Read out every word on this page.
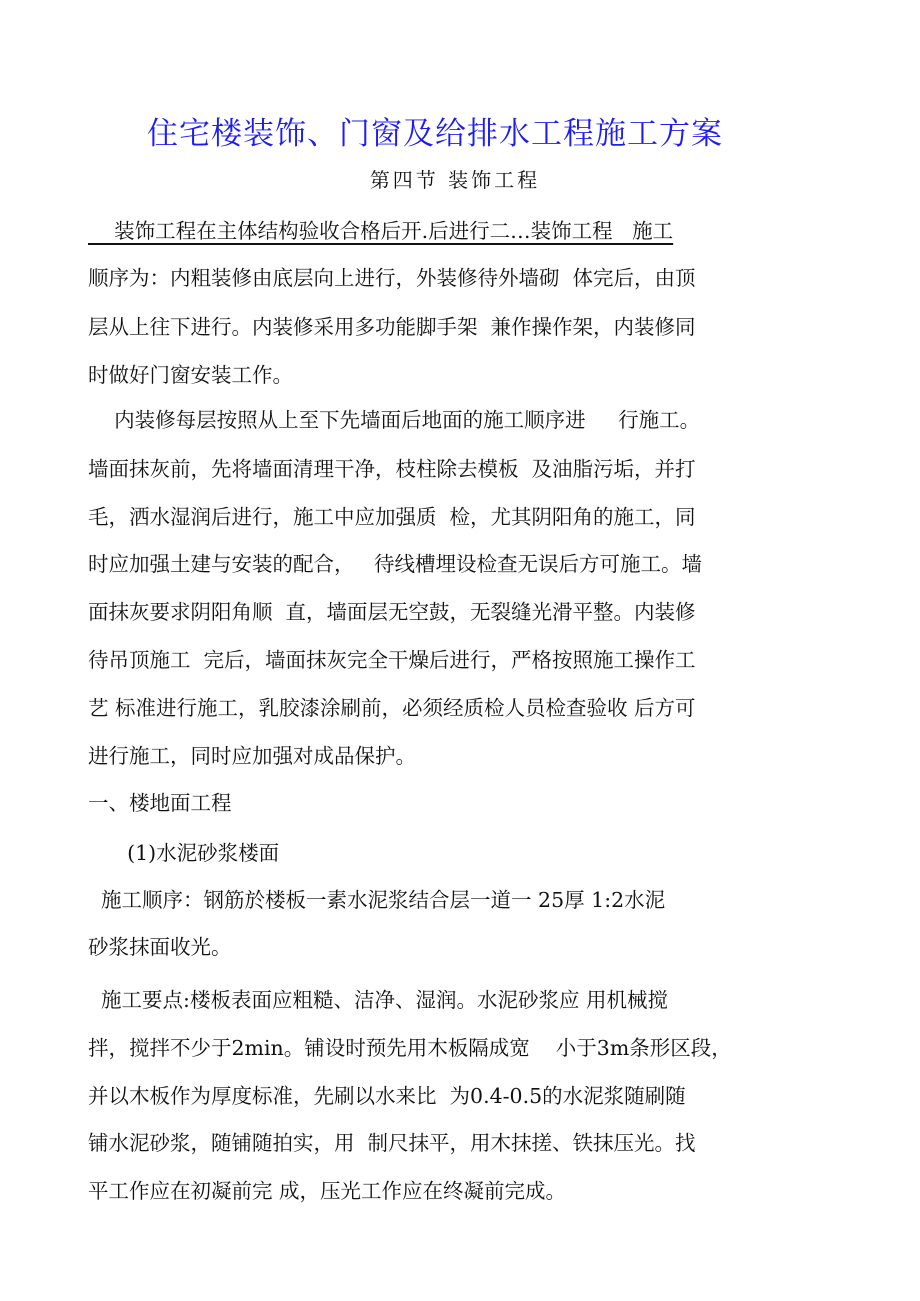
住宅楼装饰、门窗及给排水工程施工方案
第四节 装饰工程
装饰工程在主体结构验收合格后开.后进行二…装饰工程   施工
顺序为：内粗装修由底层向上进行，外装修待外墙砌  体完后，由顶
层从上往下进行。内装修采用多功能脚手架  兼作操作架，内装修同
时做好门窗安装工作。
内装修每层按照从上至下先墙面后地面的施工顺序进     行施工。
墙面抹灰前，先将墙面清理干净，枝柱除去模板  及油脂污垢，并打
毛，洒水湿润后进行，施工中应加强质  检，尤其阴阳角的施工，同
时应加强土建与安装的配合，   待线槽埋设检查无误后方可施工。墙
面抹灰要求阴阳角顺  直，墙面层无空鼓，无裂缝光滑平整。内装修
待吊顶施工  完后，墙面抹灰完全干燥后进行，严格按照施工操作工
艺 标准进行施工，乳胶漆涂刷前，必须经质检人员检查验收 后方可
进行施工，同时应加强对成品保护。
一、楼地面工程
(1)水泥砂浆楼面
施工顺序：钢筋於楼板一素水泥浆结合层一道一 25厚 1:2水泥
砂浆抹面收光。
施工要点:楼板表面应粗糙、洁净、湿润。水泥砂浆应 用机械搅
拌，搅拌不少于2min。铺设时预先用木板隔成宽    小于3m条形区段，
并以木板作为厚度标准，先刷以水来比  为0.4-0.5的水泥浆随刷随
铺水泥砂浆，随铺随拍实，用  制尺抹平，用木抹搓、铁抹压光。找
平工作应在初凝前完 成，压光工作应在终凝前完成。
